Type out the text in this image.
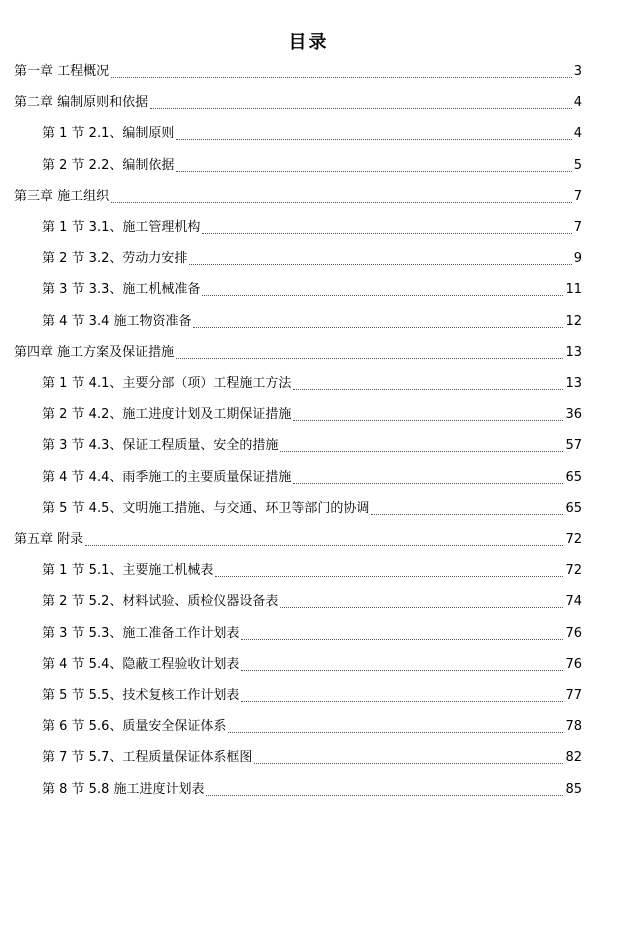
目录
第一章 工程概况	3
第二章 编制原则和依据	4
第 1 节 2.1、编制原则	4
第 2 节 2.2、编制依据	5
第三章 施工组织	7
第 1 节 3.1、施工管理机构	7
第 2 节 3.2、劳动力安排	9
第 3 节 3.3、施工机械准备	11
第 4 节 3.4 施工物资准备	12
第四章 施工方案及保证措施	13
第 1 节 4.1、主要分部（项）工程施工方法	13
第 2 节 4.2、施工进度计划及工期保证措施	36
第 3 节 4.3、保证工程质量、安全的措施	57
第 4 节 4.4、雨季施工的主要质量保证措施	65
第 5 节 4.5、文明施工措施、与交通、环卫等部门的协调	65
第五章 附录	72
第 1 节 5.1、主要施工机械表	72
第 2 节 5.2、材料试验、质检仪器设备表	74
第 3 节 5.3、施工准备工作计划表	76
第 4 节 5.4、隐蔽工程验收计划表	76
第 5 节 5.5、技术复核工作计划表	77
第 6 节 5.6、质量安全保证体系	78
第 7 节 5.7、工程质量保证体系框图	82
第 8 节 5.8 施工进度计划表	85
